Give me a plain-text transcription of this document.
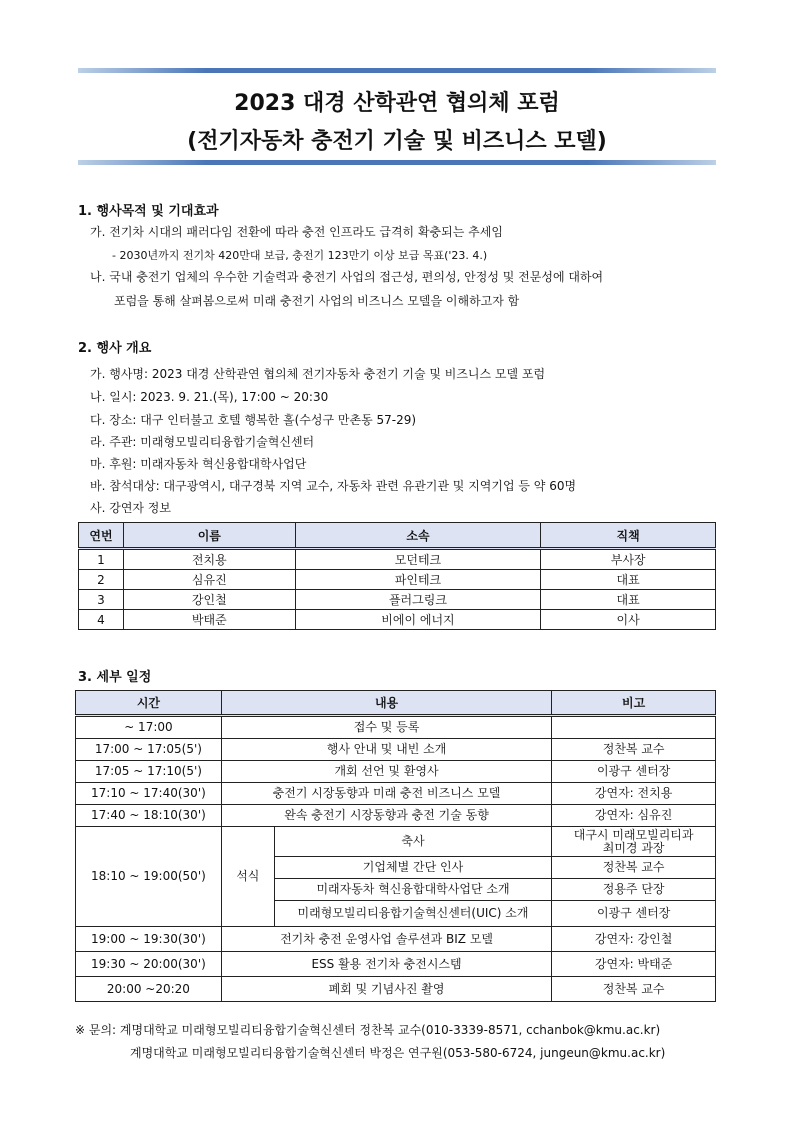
2023 대경 산학관연 협의체 포럼
(전기자동차 충전기 기술 및 비즈니스 모델)
1. 행사목적 및 기대효과
가. 전기차 시대의 패러다임 전환에 따라 충전 인프라도 급격히 확충되는 추세임
- 2030년까지 전기차 420만대 보급, 충전기 123만기 이상 보급 목표('23. 4.)
나. 국내 충전기 업체의 우수한 기술력과 충전기 사업의 접근성, 편의성, 안정성 및 전문성에 대하여
포럼을 통해 살펴봄으로써 미래 충전기 사업의 비즈니스 모델을 이해하고자 함
2. 행사 개요
가. 행사명: 2023 대경 산학관연 협의체 전기자동차 충전기 기술 및 비즈니스 모델 포럼
나. 일시: 2023. 9. 21.(목), 17:00 ~ 20:30
다. 장소: 대구 인터불고 호텔 행복한 홀(수성구 만촌동 57-29)
라. 주관: 미래형모빌리티융합기술혁신센터
마. 후원: 미래자동차 혁신융합대학사업단
바. 참석대상: 대구광역시, 대구경북 지역 교수, 자동차 관련 유관기관 및 지역기업 등 약 60명
사. 강연자 정보
연번	이름	소속	직책
1	전치용	모던테크	부사장
2	심유진	파인테크	대표
3	강인철	플러그링크	대표
4	박태준	비에이 에너지	이사
3. 세부 일정
시간	내용		비고
~ 17:00	접수 및 등록		
17:00 ~ 17:05(5')	행사 안내 및 내빈 소개		정찬복 교수
17:05 ~ 17:10(5')	개회 선언 및 환영사		이광구 센터장
17:10 ~ 17:40(30')	충전기 시장동향과 미래 충전 비즈니스 모델		강연자: 전치용
17:40 ~ 18:10(30')	완속 충전기 시장동향과 충전 기술 동향		강연자: 심유진
18:10 ~ 19:00(50')	석식	축사	대구시 미래모빌리티과
최미경 과장
		기업체별 간단 인사	정찬복 교수
		미래자동차 혁신융합대학사업단 소개	정용주 단장
		미래형모빌리티융합기술혁신센터(UIC) 소개	이광구 센터장
19:00 ~ 19:30(30')	전기차 충전 운영사업 솔루션과 BIZ 모델		강연자: 강인철
19:30 ~ 20:00(30')	ESS 활용 전기차 충전시스템		강연자: 박태준
20:00 ~20:20	폐회 및 기념사진 촬영		정찬복 교수
※ 문의: 계명대학교 미래형모빌리티융합기술혁신센터 정찬복 교수(010-3339-8571, cchanbok@kmu.ac.kr)
계명대학교 미래형모빌리티융합기술혁신센터 박정은 연구원(053-580-6724, jungeun@kmu.ac.kr)
